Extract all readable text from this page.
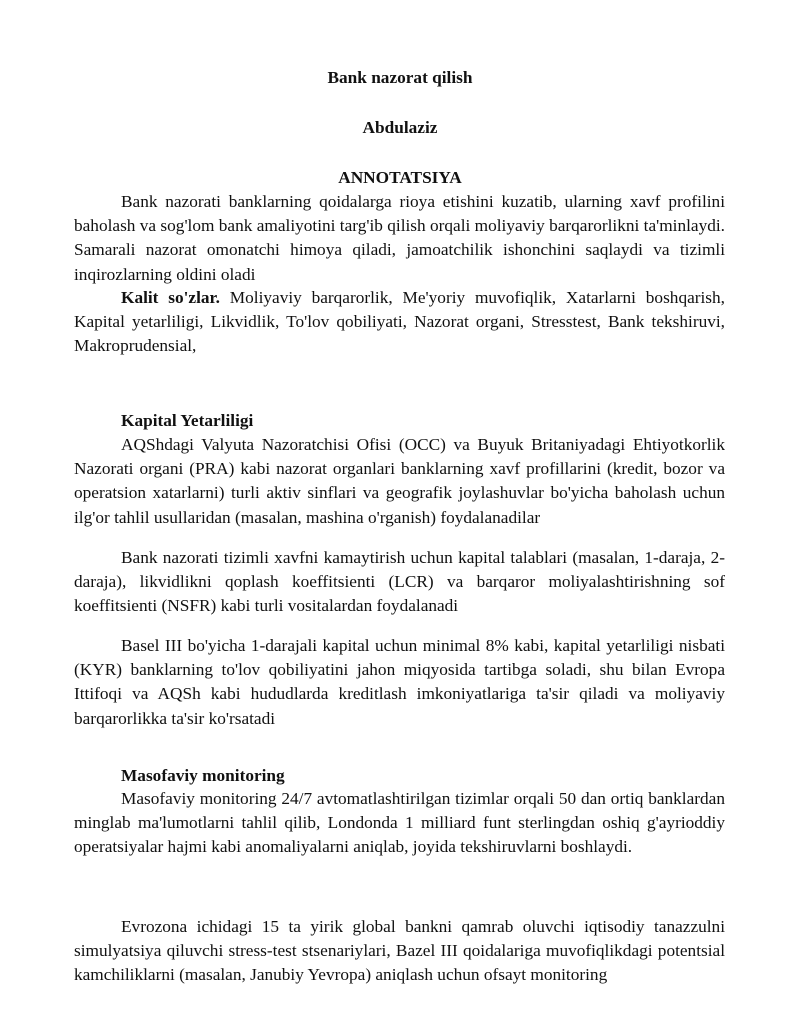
Bank nazorat qilish
Abdulaziz
ANNOTATSIYA

Bank nazorati banklarning qoidalarga rioya etishini kuzatib, ularning xavf profilini baholash va sog'lom bank amaliyotini targ'ib qilish orqali moliyaviy barqarorlikni ta'minlaydi. Samarali nazorat omonatchi himoya qiladi, jamoatchilik ishonchini saqlaydi va tizimli inqirozlarning oldini oladi

Kalit so'zlar. Moliyaviy barqarorlik, Me'yoriy muvofiqlik, Xatarlarni boshqarish, Kapital yetarliligi, Likvidlik, To'lov qobiliyati, Nazorat organi, Stresstest, Bank tekshiruvi, Makroprudensial,

Kapital Yetarliligi

AQShdagi Valyuta Nazoratchisi Ofisi (OCC) va Buyuk Britaniyadagi Ehtiyotkorlik Nazorati organi (PRA) kabi nazorat organlari banklarning xavf profillarini (kredit, bozor va operatsion xatarlarni) turli aktiv sinflari va geografik joylashuvlar bo'yicha baholash uchun ilg'or tahlil usullaridan (masalan, mashina o'rganish) foydalanadilar

Bank nazorati tizimli xavfni kamaytirish uchun kapital talablari (masalan, 1-daraja, 2-daraja), likvidlikni qoplash koeffitsienti (LCR) va barqaror moliyalashtirishning sof koeffitsienti (NSFR) kabi turli vositalardan foydalanadi

Basel III bo'yicha 1-darajali kapital uchun minimal 8% kabi, kapital yetarliligi nisbati (KYR) banklarning to'lov qobiliyatini jahon miqyosida tartibga soladi, shu bilan Evropa Ittifoqi va AQSh kabi hududlarda kreditlash imkoniyatlariga ta'sir qiladi va moliyaviy barqarorlikka ta'sir ko'rsatadi

Masofaviy monitoring

Masofaviy monitoring 24/7 avtomatlashtirilgan tizimlar orqali 50 dan ortiq banklardan minglab ma'lumotlarni tahlil qilib, Londonda 1 milliard funt sterlingdan oshiq g'ayrioddiy operatsiyalar hajmi kabi anomaliyalarni aniqlab, joyida tekshiruvlarni boshlaydi.

Evrozona ichidagi 15 ta yirik global bankni qamrab oluvchi iqtisodiy tanazzulni simulyatsiya qiluvchi stress-test stsenariylari, Bazel III qoidalariga muvofiqlikdagi potentsial kamchiliklarni (masalan, Janubiy Yevropa) aniqlash uchun ofsayt monitoring
